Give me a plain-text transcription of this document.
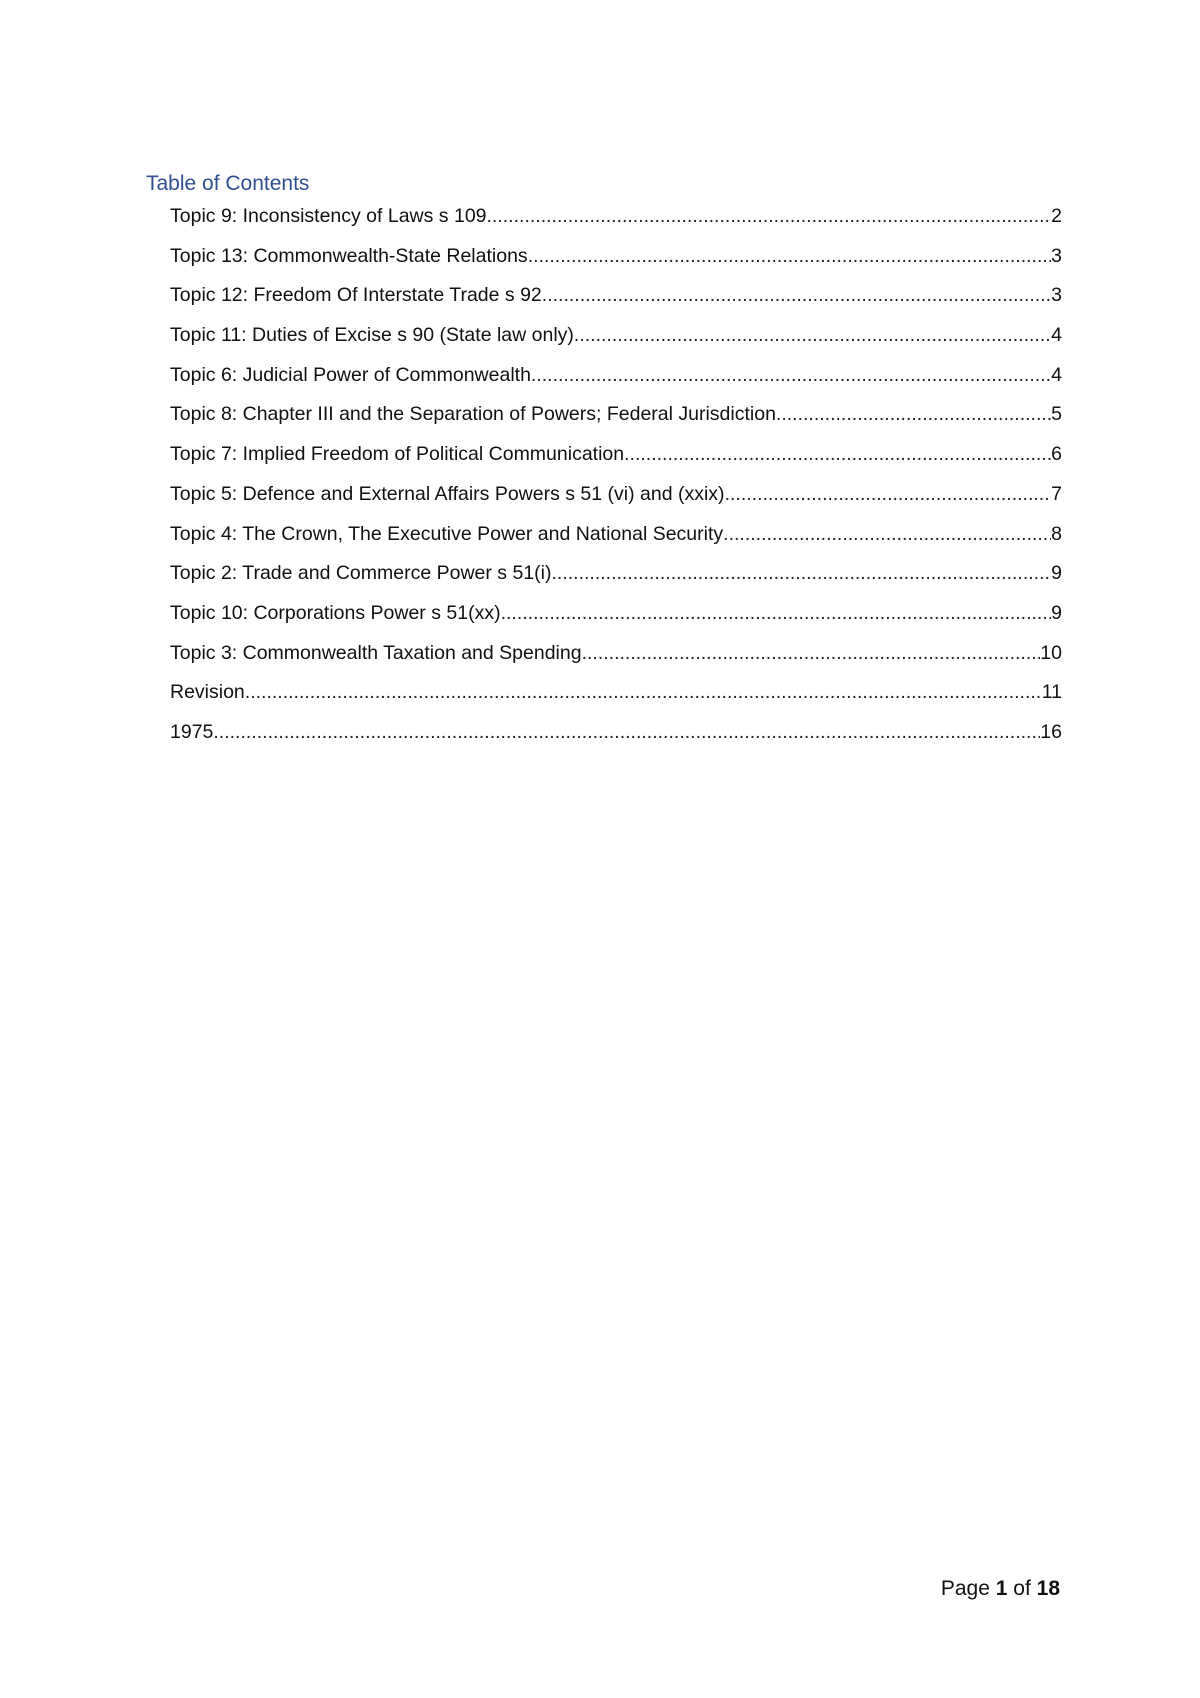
Table of Contents
Topic 9: Inconsistency of Laws s 109 .....	2
Topic 13: Commonwealth-State Relations .....	3
Topic 12: Freedom Of Interstate Trade s 92 .....	3
Topic 11: Duties of Excise s 90 (State law only) .....	4
Topic 6: Judicial Power of Commonwealth .....	4
Topic 8: Chapter III and the Separation of Powers; Federal Jurisdiction .....	5
Topic 7: Implied Freedom of Political Communication .....	6
Topic 5: Defence and External Affairs Powers s 51 (vi) and (xxix) .....	7
Topic 4: The Crown, The Executive Power and National Security .....	8
Topic 2: Trade and Commerce Power s 51(i) .....	9
Topic 10: Corporations Power s 51(xx) .....	9
Topic 3: Commonwealth Taxation and Spending .....	10
Revision .....	11
1975 .....	16
Page 1 of 18
